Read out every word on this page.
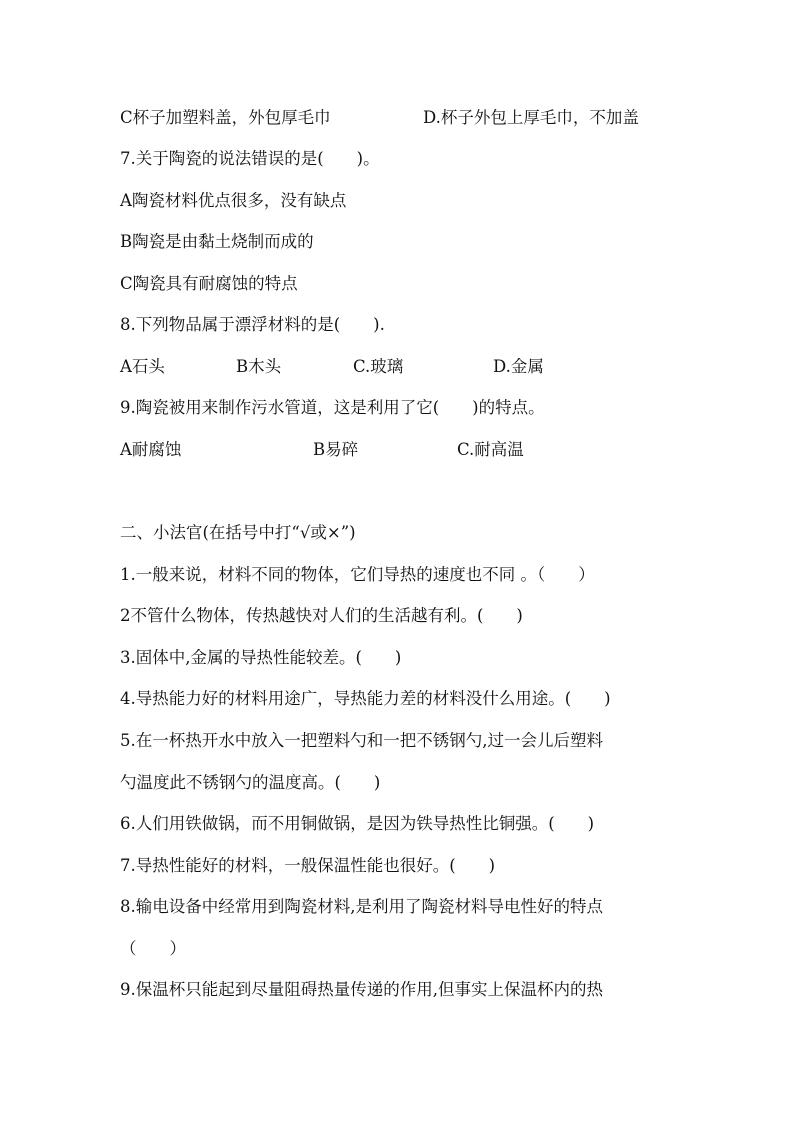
C杯子加塑料盖，外包厚毛巾

	D.杯子外包上厚毛巾，不加盖

7.关于陶瓷的说法错误的是(　　)。
A陶瓷材料优点很多，没有缺点
B陶瓷是由黏土烧制而成的
C陶瓷具有耐腐蚀的特点
8.下列物品属于漂浮材料的是(　　).

A石头

	B木头

	C.玻璃

	D.金属

9.陶瓷被用来制作污水管道，这是利用了它(　　)的特点。

A耐腐蚀

	B易碎

	C.耐高温

二、小法官(在括号中打“√或×”)
1.一般来说，材料不同的物体，它们导热的速度也不同 。（　　）
2不管什么物体，传热越快对人们的生活越有利。(　　)
3.固体中,金属的导热性能较差。(　　)
4.导热能力好的材料用途广，导热能力差的材料没什么用途。(　　)
5.在一杯热开水中放入一把塑料勺和一把不锈钢勺,过一会儿后塑料
勺温度此不锈钢勺的温度高。(　　)
6.人们用铁做锅，而不用铜做锅，是因为铁导热性比铜强。(　　)
7.导热性能好的材料，一般保温性能也很好。(　　)
8.输电设备中经常用到陶瓷材料,是利用了陶瓷材料导电性好的特点
（　　）
9.保温杯只能起到尽量阻碍热量传递的作用,但事实上保温杯内的热
